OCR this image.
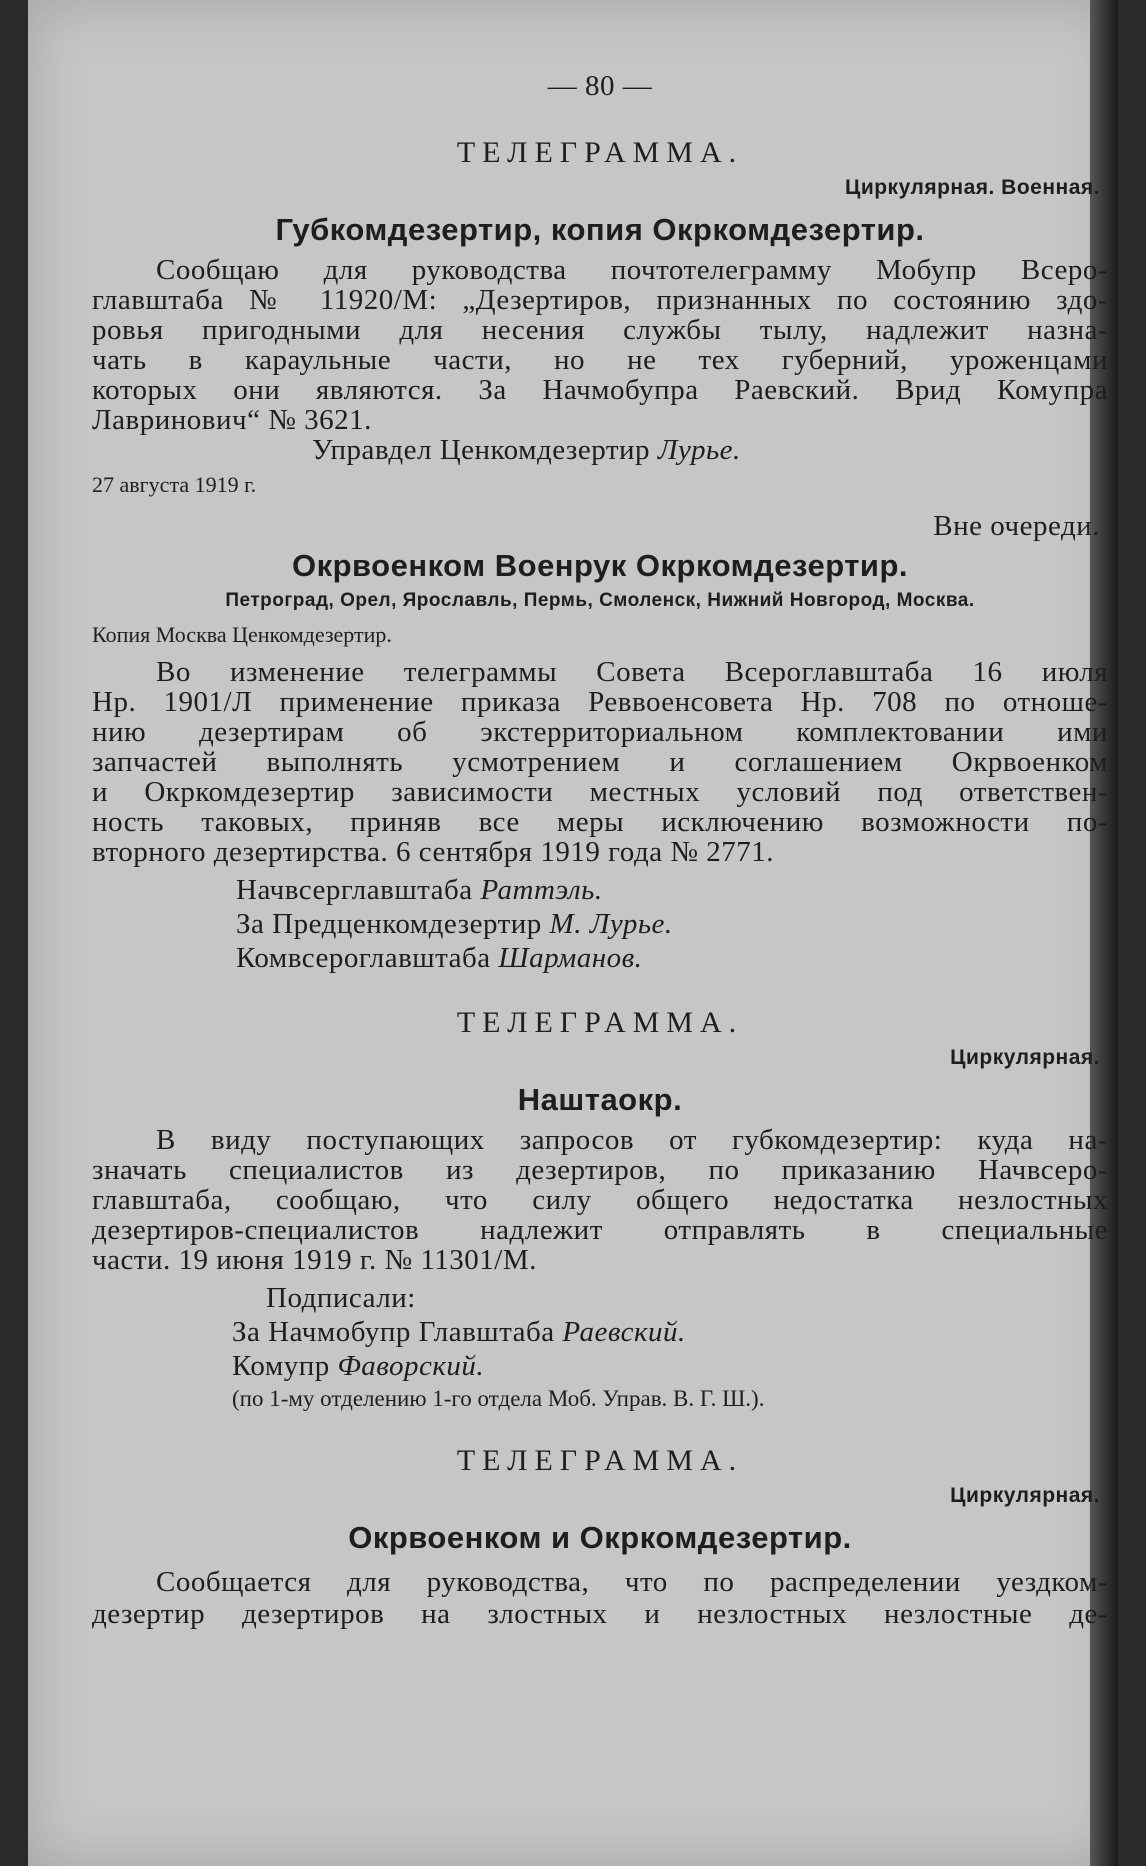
— 80 —
ТЕЛЕГРАММА.
Циркулярная. Военная.
Губкомдезертир, копия Окркомдезертир.
Сообщаю для руководства почтотелеграмму Мобупр Всеро-
главштаба № 11920/М: „Дезертиров, признанных по состоянию здо-
ровья пригодными для несения службы тылу, надлежит назна-
чать в караульные части, но не тех губерний, уроженцами
которых они являются. За Начмобупра Раевский. Врид Комупра
Лавринович“ № 3621.
Управдел Ценкомдезертир Лурье.
27 августа 1919 г.
Вне очереди.
Окрвоенком Военрук Окркомдезертир.
Петроград, Орел, Ярославль, Пермь, Смоленск, Нижний Новгород, Москва.
Копия Москва Ценкомдезертир.
Во изменение телеграммы Совета Всероглавштаба 16 июля
Нр. 1901/Л применение приказа Реввоенсовета Нр. 708 по отноше-
нию дезертирам об экстерриториальном комплектовании ими
запчастей выполнять усмотрением и соглашением Окрвоенком
и Окркомдезертир зависимости местных условий под ответствен-
ность таковых, приняв все меры исключению возможности по-
вторного дезертирства. 6 сентября 1919 года № 2771.
Начвсерглавштаба Раттэль.
За Предценкомдезертир М. Лурье.
Комвсероглавштаба Шарманов.
ТЕЛЕГРАММА.
Циркулярная.
Наштаокр.
В виду поступающих запросов от губкомдезертир: куда на-
значать специалистов из дезертиров, по приказанию Начвсеро-
главштаба, сообщаю, что силу общего недостатка незлостных
дезертиров-специалистов надлежит отправлять в специальные
части. 19 июня 1919 г. № 11301/М.
Подписали:
За Начмобупр Главштаба Раевский.
Комупр Фаворский.
(по 1-му отделению 1-го отдела Моб. Управ. В. Г. Ш.).
ТЕЛЕГРАММА.
Циркулярная.
Окрвоенком и Окркомдезертир.
Сообщается для руководства, что по распределении уездком-
дезертир дезертиров на злостных и незлостных незлостные де-
